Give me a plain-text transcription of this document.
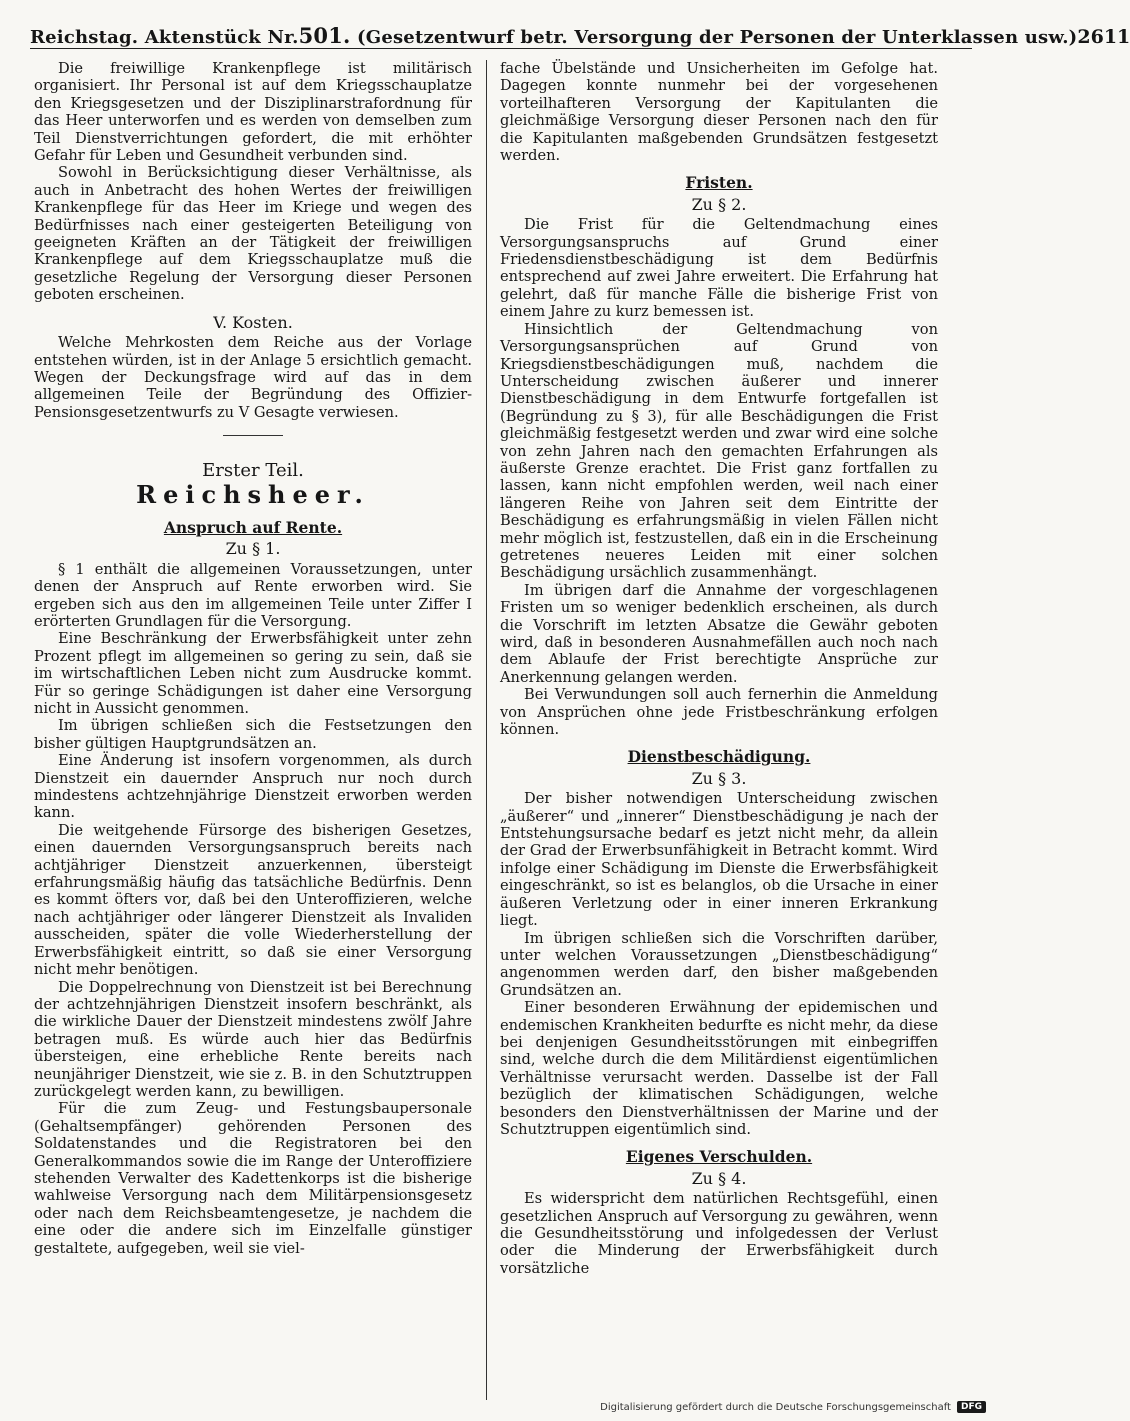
Reichstag. Aktenstück Nr.501. (Gesetzentwurf betr. Versorgung der Personen der Unterklassen usw.) 2611

Die freiwillige Krankenpflege ist militärisch organisiert. Ihr Personal ist auf dem Kriegsschauplatze den Kriegsgesetzen und der Disziplinarstrafordnung für das Heer unterworfen und es werden von demselben zum Teil Dienstverrichtungen gefordert, die mit erhöhter Gefahr für Leben und Gesundheit verbunden sind.

Sowohl in Berücksichtigung dieser Verhältnisse, als auch in Anbetracht des hohen Wertes der freiwilligen Krankenpflege für das Heer im Kriege und wegen des Bedürfnisses nach einer gesteigerten Beteiligung von geeigneten Kräften an der Tätigkeit der freiwilligen Krankenpflege auf dem Kriegsschauplatze muß die gesetzliche Regelung der Versorgung dieser Personen geboten erscheinen.

V. Kosten.

Welche Mehrkosten dem Reiche aus der Vorlage entstehen würden, ist in der Anlage 5 ersichtlich gemacht. Wegen der Deckungsfrage wird auf das in dem allgemeinen Teile der Begründung des Offizier-Pensionsgesetzentwurfs zu V Gesagte verwiesen.

Erster Teil.
Reichsheer.
Anspruch auf Rente.
Zu § 1.

§ 1 enthält die allgemeinen Voraussetzungen, unter denen der Anspruch auf Rente erworben wird. Sie ergeben sich aus den im allgemeinen Teile unter Ziffer I erörterten Grundlagen für die Versorgung.

Eine Beschränkung der Erwerbsfähigkeit unter zehn Prozent pflegt im allgemeinen so gering zu sein, daß sie im wirtschaftlichen Leben nicht zum Ausdrucke kommt. Für so geringe Schädigungen ist daher eine Versorgung nicht in Aussicht genommen.

Im übrigen schließen sich die Festsetzungen den bisher gültigen Hauptgrundsätzen an.

Eine Änderung ist insofern vorgenommen, als durch Dienstzeit ein dauernder Anspruch nur noch durch mindestens achtzehnjährige Dienstzeit erworben werden kann.

Die weitgehende Fürsorge des bisherigen Gesetzes, einen dauernden Versorgungsanspruch bereits nach achtjähriger Dienstzeit anzuerkennen, übersteigt erfahrungsmäßig häufig das tatsächliche Bedürfnis. Denn es kommt öfters vor, daß bei den Unteroffizieren, welche nach achtjähriger oder längerer Dienstzeit als Invaliden ausscheiden, später die volle Wiederherstellung der Erwerbsfähigkeit eintritt, so daß sie einer Versorgung nicht mehr benötigen.

Die Doppelrechnung von Dienstzeit ist bei Berechnung der achtzehnjährigen Dienstzeit insofern beschränkt, als die wirkliche Dauer der Dienstzeit mindestens zwölf Jahre betragen muß. Es würde auch hier das Bedürfnis übersteigen, eine erhebliche Rente bereits nach neunjähriger Dienstzeit, wie sie z. B. in den Schutztruppen zurückgelegt werden kann, zu bewilligen.

Für die zum Zeug- und Festungsbaupersonale (Gehaltsempfänger) gehörenden Personen des Soldatenstandes und die Registratoren bei den Generalkommandos sowie die im Range der Unteroffiziere stehenden Verwalter des Kadettenkorps ist die bisherige wahlweise Versorgung nach dem Militärpensionsgesetz oder nach dem Reichsbeamtengesetze, je nachdem die eine oder die andere sich im Einzelfalle günstiger gestaltete, aufgegeben, weil sie viel-

fache Übelstände und Unsicherheiten im Gefolge hat. Dagegen konnte nunmehr bei der vorgesehenen vorteilhafteren Versorgung der Kapitulanten die gleichmäßige Versorgung dieser Personen nach den für die Kapitulanten maßgebenden Grundsätzen festgesetzt werden.

Fristen.
Zu § 2.

Die Frist für die Geltendmachung eines Versorgungsanspruchs auf Grund einer Friedensdienstbeschädigung ist dem Bedürfnis entsprechend auf zwei Jahre erweitert. Die Erfahrung hat gelehrt, daß für manche Fälle die bisherige Frist von einem Jahre zu kurz bemessen ist.

Hinsichtlich der Geltendmachung von Versorgungsansprüchen auf Grund von Kriegsdienstbeschädigungen muß, nachdem die Unterscheidung zwischen äußerer und innerer Dienstbeschädigung in dem Entwurfe fortgefallen ist (Begründung zu § 3), für alle Beschädigungen die Frist gleichmäßig festgesetzt werden und zwar wird eine solche von zehn Jahren nach den gemachten Erfahrungen als äußerste Grenze erachtet. Die Frist ganz fortfallen zu lassen, kann nicht empfohlen werden, weil nach einer längeren Reihe von Jahren seit dem Eintritte der Beschädigung es erfahrungsmäßig in vielen Fällen nicht mehr möglich ist, festzustellen, daß ein in die Erscheinung getretenes neueres Leiden mit einer solchen Beschädigung ursächlich zusammenhängt.

Im übrigen darf die Annahme der vorgeschlagenen Fristen um so weniger bedenklich erscheinen, als durch die Vorschrift im letzten Absatze die Gewähr geboten wird, daß in besonderen Ausnahmefällen auch noch nach dem Ablaufe der Frist berechtigte Ansprüche zur Anerkennung gelangen werden.

Bei Verwundungen soll auch fernerhin die Anmeldung von Ansprüchen ohne jede Fristbeschränkung erfolgen können.

Dienstbeschädigung.
Zu § 3.

Der bisher notwendigen Unterscheidung zwischen „äußerer“ und „innerer“ Dienstbeschädigung je nach der Entstehungsursache bedarf es jetzt nicht mehr, da allein der Grad der Erwerbsunfähigkeit in Betracht kommt. Wird infolge einer Schädigung im Dienste die Erwerbsfähigkeit eingeschränkt, so ist es belanglos, ob die Ursache in einer äußeren Verletzung oder in einer inneren Erkrankung liegt.

Im übrigen schließen sich die Vorschriften darüber, unter welchen Voraussetzungen „Dienstbeschädigung“ angenommen werden darf, den bisher maßgebenden Grundsätzen an.

Einer besonderen Erwähnung der epidemischen und endemischen Krankheiten bedurfte es nicht mehr, da diese bei denjenigen Gesundheitsstörungen mit einbegriffen sind, welche durch die dem Militärdienst eigentümlichen Verhältnisse verursacht werden. Dasselbe ist der Fall bezüglich der klimatischen Schädigungen, welche besonders den Dienstverhältnissen der Marine und der Schutztruppen eigentümlich sind.

Eigenes Verschulden.
Zu § 4.

Es widerspricht dem natürlichen Rechtsgefühl, einen gesetzlichen Anspruch auf Versorgung zu gewähren, wenn die Gesundheitsstörung und infolgedessen der Verlust oder die Minderung der Erwerbsfähigkeit durch vorsätzliche

Digitalisierung gefördert durch die Deutsche Forschungsgemeinschaft	DFG
